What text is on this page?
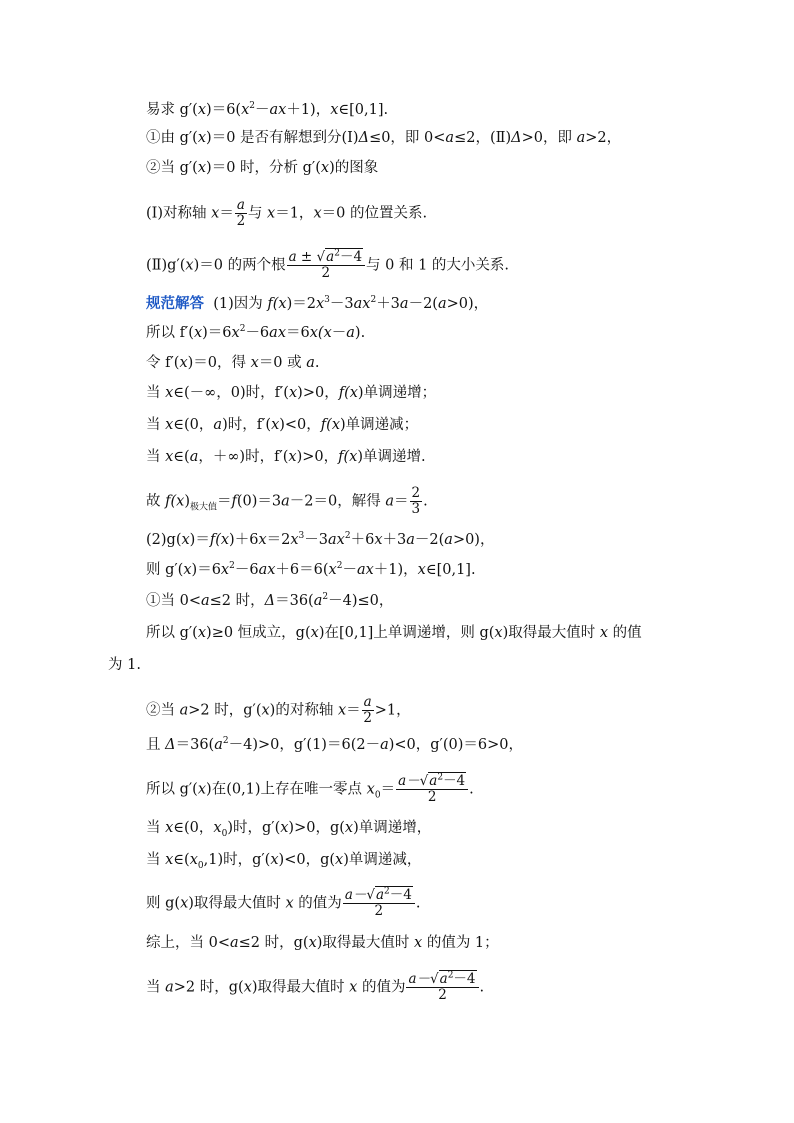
易求 $g'(x)=6(x^2-ax+1)$，x∈[0,1].
①由 g′(x)＝0 是否有解想到分(Ⅰ)Δ≤0，即 0<a≤2，(Ⅱ)Δ>0，即 a>2，
②当 g′(x)＝0 时，分析 g′(x)的图象
(Ⅰ)对称轴 $x= \frac{a}{2}$ 与 x＝1，x＝0 的位置关系.
(Ⅱ)g′(x)＝0 的两个根 $\frac{a \pm √a^2-4}{2}$ 与 0 和 1 的大小关系.
规范解答 (1)因为 $f(x)=2x^3-3ax^2+3a-2(a>0)$，
所以 $f'(x)=6x^2-6ax=6x(x-a)$.
令 f′(x)＝0，得 x＝0 或 a.
当 x∈(－∞，0)时，f′(x)>0，f(x)单调递增；
当 x∈(0，a)时，f′(x)<0，f(x)单调递减；
当 x∈(a，＋∞)时，f′(x)>0，f(x)单调递增.
故 $f(x)_{极大值}=f(0)=3a-2=0$，解得 $a= \frac{2}{3}$ .
$(2)g(x)=f(x)+6x=2x^3-3ax^2+6x+3a-2(a>0)$，
则 $g'(x)=6x^2-6ax+6=6(x^2-ax+1)$，x∈[0,1].
①当 0<a≤2 时，$\Delta=36(a^2-4)\le 0$，
所以 g′(x)≥0 恒成立，g(x)在[0,1]上单调递增，则 g(x)取得最大值时 x 的值
为 1.
②当 a>2 时，g′(x)的对称轴 $x= \frac{a}{2} >1$，
且 $\Delta=36(a^2-4)>0$，g′(1)＝6(2－a)<0，g′(0)＝6>0，
所以 g′(x)在(0,1)上存在唯一零点 $x_0= \frac{a-√a^2-4}{2}$ .
当 x∈(0，$x_0$)时，g′(x)>0，g(x)单调递增，
当 $x\in(x_0,1)$时，g′(x)<0，g(x)单调递减，
则 g(x)取得最大值时 x 的值为 $\frac{a-√a^2-4}{2}$ .
综上，当 0<a≤2 时，g(x)取得最大值时 x 的值为 1；
当 a>2 时，g(x)取得最大值时 x 的值为 $\frac{a-√a^2-4}{2}$ .
